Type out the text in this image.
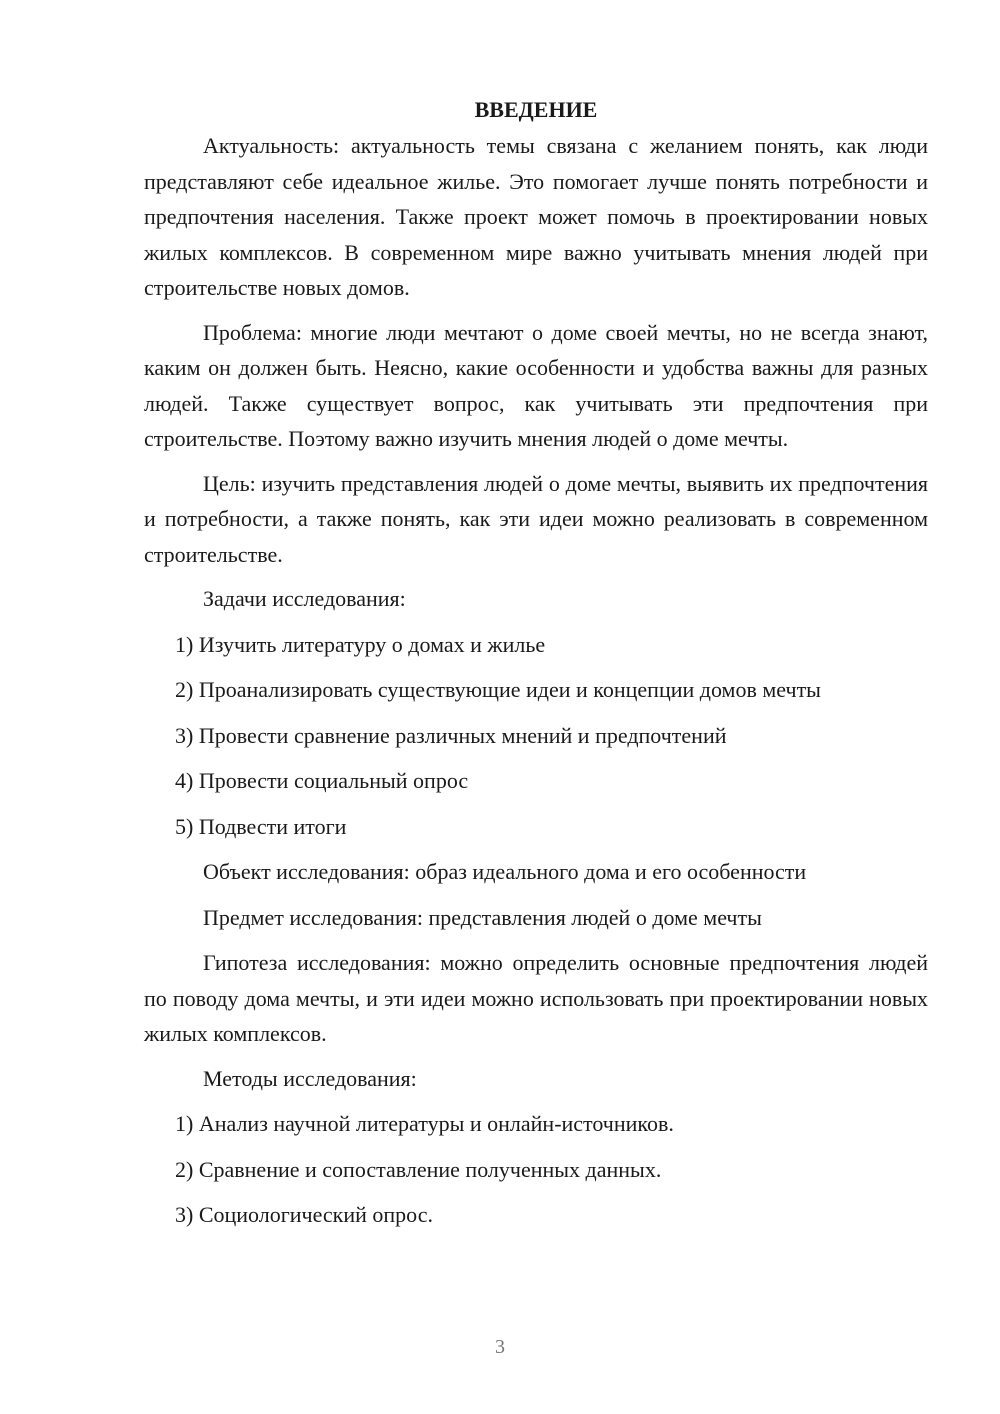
ВВЕДЕНИЕ

Актуальность: актуальность темы связана с желанием понять, как люди представляют себе идеальное жилье. Это помогает лучше понять потребности и предпочтения населения. Также проект может помочь в проектировании новых жилых комплексов. В современном мире важно учитывать мнения людей при строительстве новых домов.

Проблема: многие люди мечтают о доме своей мечты, но не всегда знают, каким он должен быть. Неясно, какие особенности и удобства важны для разных людей. Также существует вопрос, как учитывать эти предпочтения при строительстве. Поэтому важно изучить мнения людей о доме мечты.

Цель: изучить представления людей о доме мечты, выявить их предпочтения и потребности, а также понять, как эти идеи можно реализовать в современном строительстве.

Задачи исследования:
1) Изучить литературу о домах и жилье
2) Проанализировать существующие идеи и концепции домов мечты
3) Провести сравнение различных мнений и предпочтений
4) Провести социальный опрос
5) Подвести итоги
Объект исследования: образ идеального дома и его особенности
Предмет исследования: представления людей о доме мечты

Гипотеза исследования: можно определить основные предпочтения людей по поводу дома мечты, и эти идеи можно использовать при проектировании новых жилых комплексов.

Методы исследования:
1) Анализ научной литературы и онлайн-источников.
2) Сравнение и сопоставление полученных данных.
3) Социологический опрос.

3
